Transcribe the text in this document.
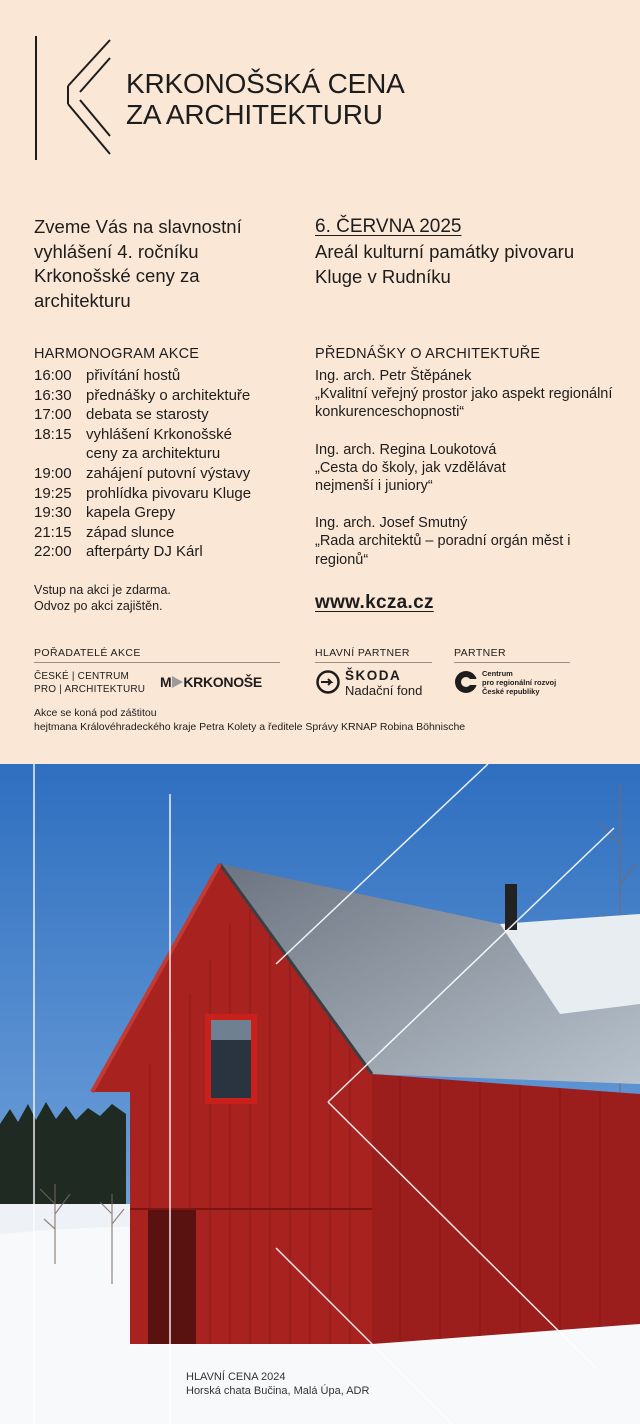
KRKONOŠSKÁ CENA
ZA ARCHITEKTURU
Zveme Vás na slavnostní vyhlášení 4. ročníku Krkonošské ceny za architekturu
6. ČERVNA 2025
Areál kulturní památky pivovaru Kluge v Rudníku
HARMONOGRAM AKCE
16:00 přivítání hostů
16:30 přednášky o architektuře
17:00 debata se starosty
18:15 vyhlášení Krkonošské ceny za architekturu
19:00 zahájení putovní výstavy
19:25 prohlídka pivovaru Kluge
19:30 kapela Grepy
21:15 západ slunce
22:00 afterpárty DJ Kárl
PŘEDNÁŠKY O ARCHITEKTUŘE
Ing. arch. Petr Štěpánek
„Kvalitní veřejný prostor jako aspekt regionální konkurenceschopnosti“
Ing. arch. Regina Loukotová
„Cesta do školy, jak vzdělávat nejmenší i juniory“
Ing. arch. Josef Smutný
„Rada architektů – poradní orgán měst i regionů“
Vstup na akci je zdarma.
Odvoz po akci zajištěn.	www.kcza.cz
POŘADATELÉ AKCE	HLAVNÍ PARTNER	PARTNER
ČESKÉ | CENTRUM
PRO | ARCHITEKTURU M KRKONOŠE	ŠKODA
Nadační fond
Centrum
pro regionální rozvoj
České republiky
Akce se koná pod záštitou
hejtmana Královéhradeckého kraje Petra Kolety a ředitele Správy KRNAP Robina Böhnische
HLAVNÍ CENA 2024
Horská chata Bučina, Malá Úpa, ADR
